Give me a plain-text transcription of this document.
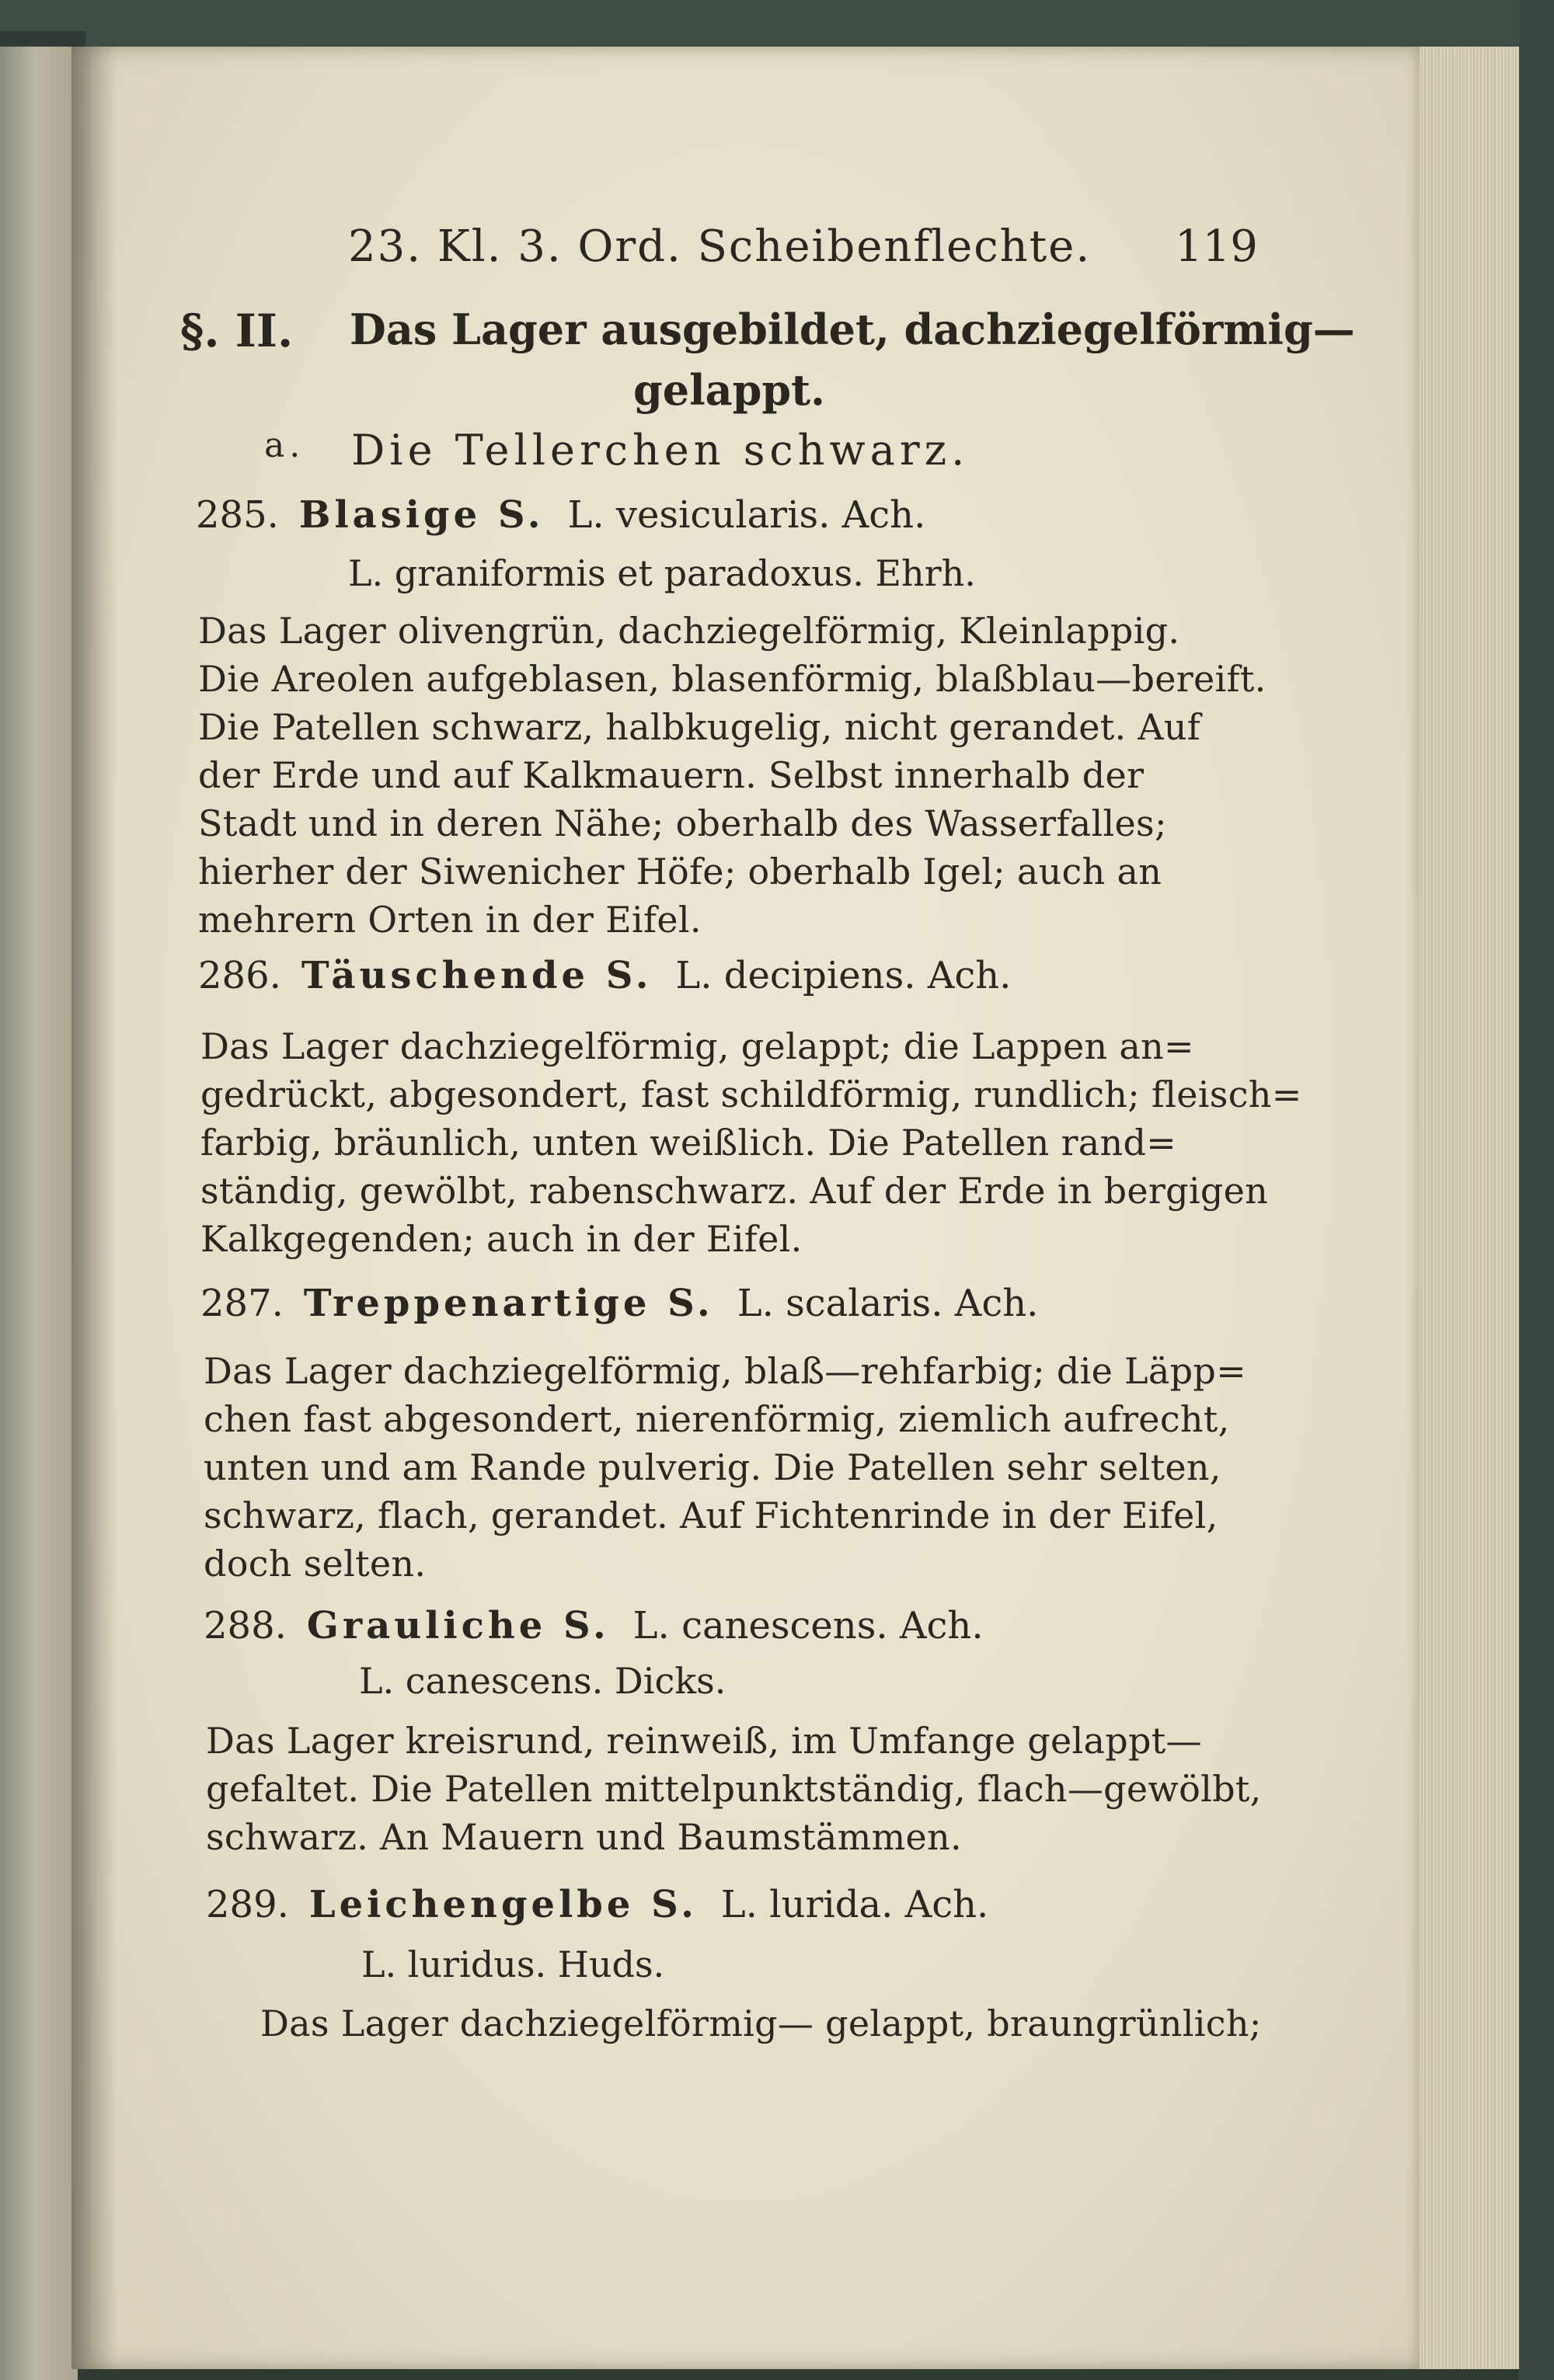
23. Kl. 3. Ord. Scheibenflechte. 119

§. II. Das Lager ausgebildet, dachziegelförmig—

gelappt.

a. Die Tellerchen schwarz.

285. Blasige S. L. vesicularis. Ach.

L. graniformis et paradoxus. Ehrh.

Das Lager olivengrün, dachziegelförmig, Kleinlappig.

Die Areolen aufgeblasen, blasenförmig, blaßblau—bereift.

Die Patellen schwarz, halbkugelig, nicht gerandet. Auf

der Erde und auf Kalkmauern. Selbst innerhalb der

Stadt und in deren Nähe; oberhalb des Wasserfalles;

hierher der Siwenicher Höfe; oberhalb Igel; auch an

mehrern Orten in der Eifel.

286. Täuschende S. L. decipiens. Ach.

Das Lager dachziegelförmig, gelappt; die Lappen an=

gedrückt, abgesondert, fast schildförmig, rundlich; fleisch=

farbig, bräunlich, unten weißlich. Die Patellen rand=

ständig, gewölbt, rabenschwarz. Auf der Erde in bergigen

Kalkgegenden; auch in der Eifel.

287. Treppenartige S. L. scalaris. Ach.

Das Lager dachziegelförmig, blaß—rehfarbig; die Läpp=

chen fast abgesondert, nierenförmig, ziemlich aufrecht,

unten und am Rande pulverig. Die Patellen sehr selten,

schwarz, flach, gerandet. Auf Fichtenrinde in der Eifel,

doch selten.

288. Grauliche S. L. canescens. Ach.

L. canescens. Dicks.

Das Lager kreisrund, reinweiß, im Umfange gelappt—

gefaltet. Die Patellen mittelpunktständig, flach—gewölbt,

schwarz. An Mauern und Baumstämmen.

289. Leichengelbe S. L. lurida. Ach.

L. luridus. Huds.

Das Lager dachziegelförmig— gelappt, braungrünlich;
